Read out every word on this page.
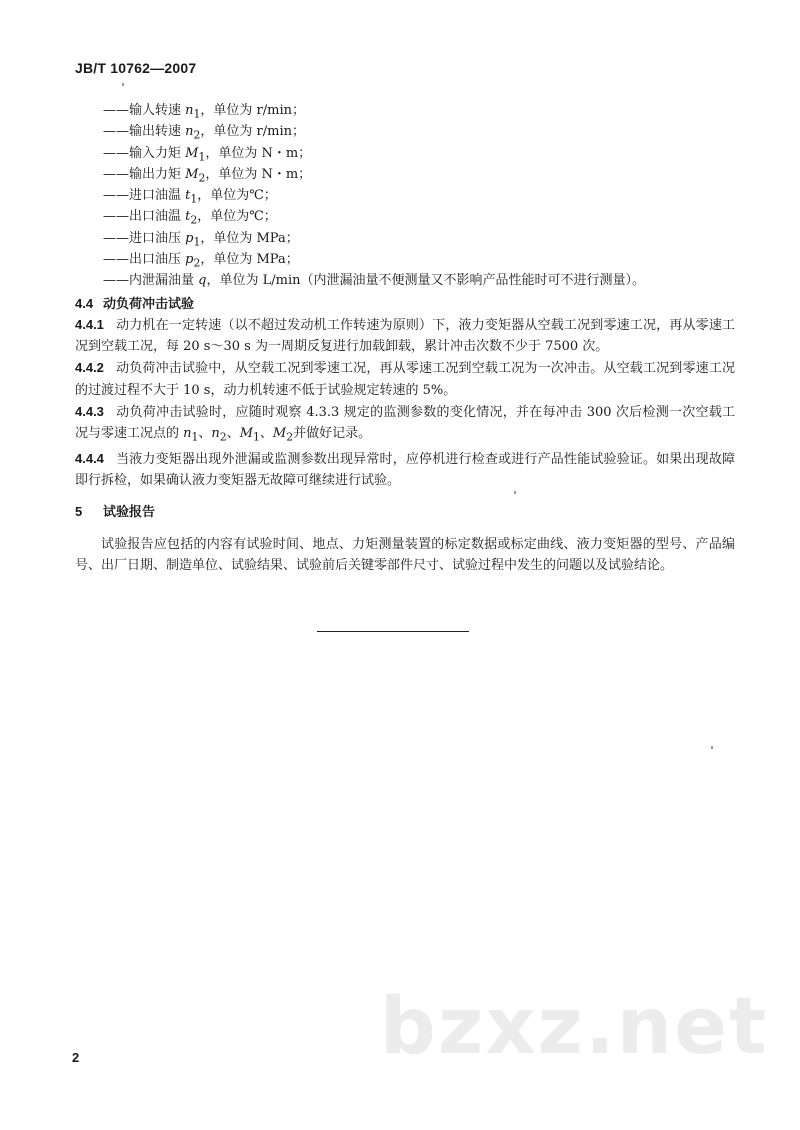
JB/T 10762—2007
——输人转速 $n_1$，单位为 r/min；
——输出转速 $n_2$，单位为 r/min；
——输入力矩 $M_1$，单位为 N・m；
——输出力矩 $M_2$，单位为 N・m；
——进口油温 $t_1$，单位为℃；
——出口油温 $t_2$，单位为℃；
——进口油压 $p_1$，单位为 MPa；
——出口油压 $p_2$，单位为 MPa；
——内泄漏油量 q，单位为 L/min（内泄漏油量不便测量又不影响产品性能时可不进行测量）。
4.4 动负荷冲击试验
4.4.1 动力机在一定转速（以不超过发动机工作转速为原则）下，液力变矩器从空载工况到零速工况，再从零速工况到空载工况，每 20 s～30 s 为一周期反复进行加载卸载，累计冲击次数不少于 7500 次。
4.4.2 动负荷冲击试验中，从空载工况到零速工况，再从零速工况到空载工况为一次冲击。从空载工况到零速工况的过渡过程不大于 10 s，动力机转速不低于试验规定转速的 5%。
4.4.3 动负荷冲击试验时，应随时观察 4.3.3 规定的监测参数的变化情况，并在每冲击 300 次后检测一次空载工况与零速工况点的 $n_1$、$n_2$、$M_1$、$M_2$并做好记录。
4.4.4 当液力变矩器出现外泄漏或监测参数出现异常时，应停机进行检查或进行产品性能试验验证。如果出现故障即行拆检，如果确认液力变矩器无故障可继续进行试验。
5 试验报告
试验报告应包括的内容有试验时间、地点、力矩测量装置的标定数据或标定曲线、液力变矩器的型号、产品编号、出厂日期、制造单位、试验结果、试验前后关键零部件尺寸、试验过程中发生的问题以及试验结论。
bzxz.net
2
